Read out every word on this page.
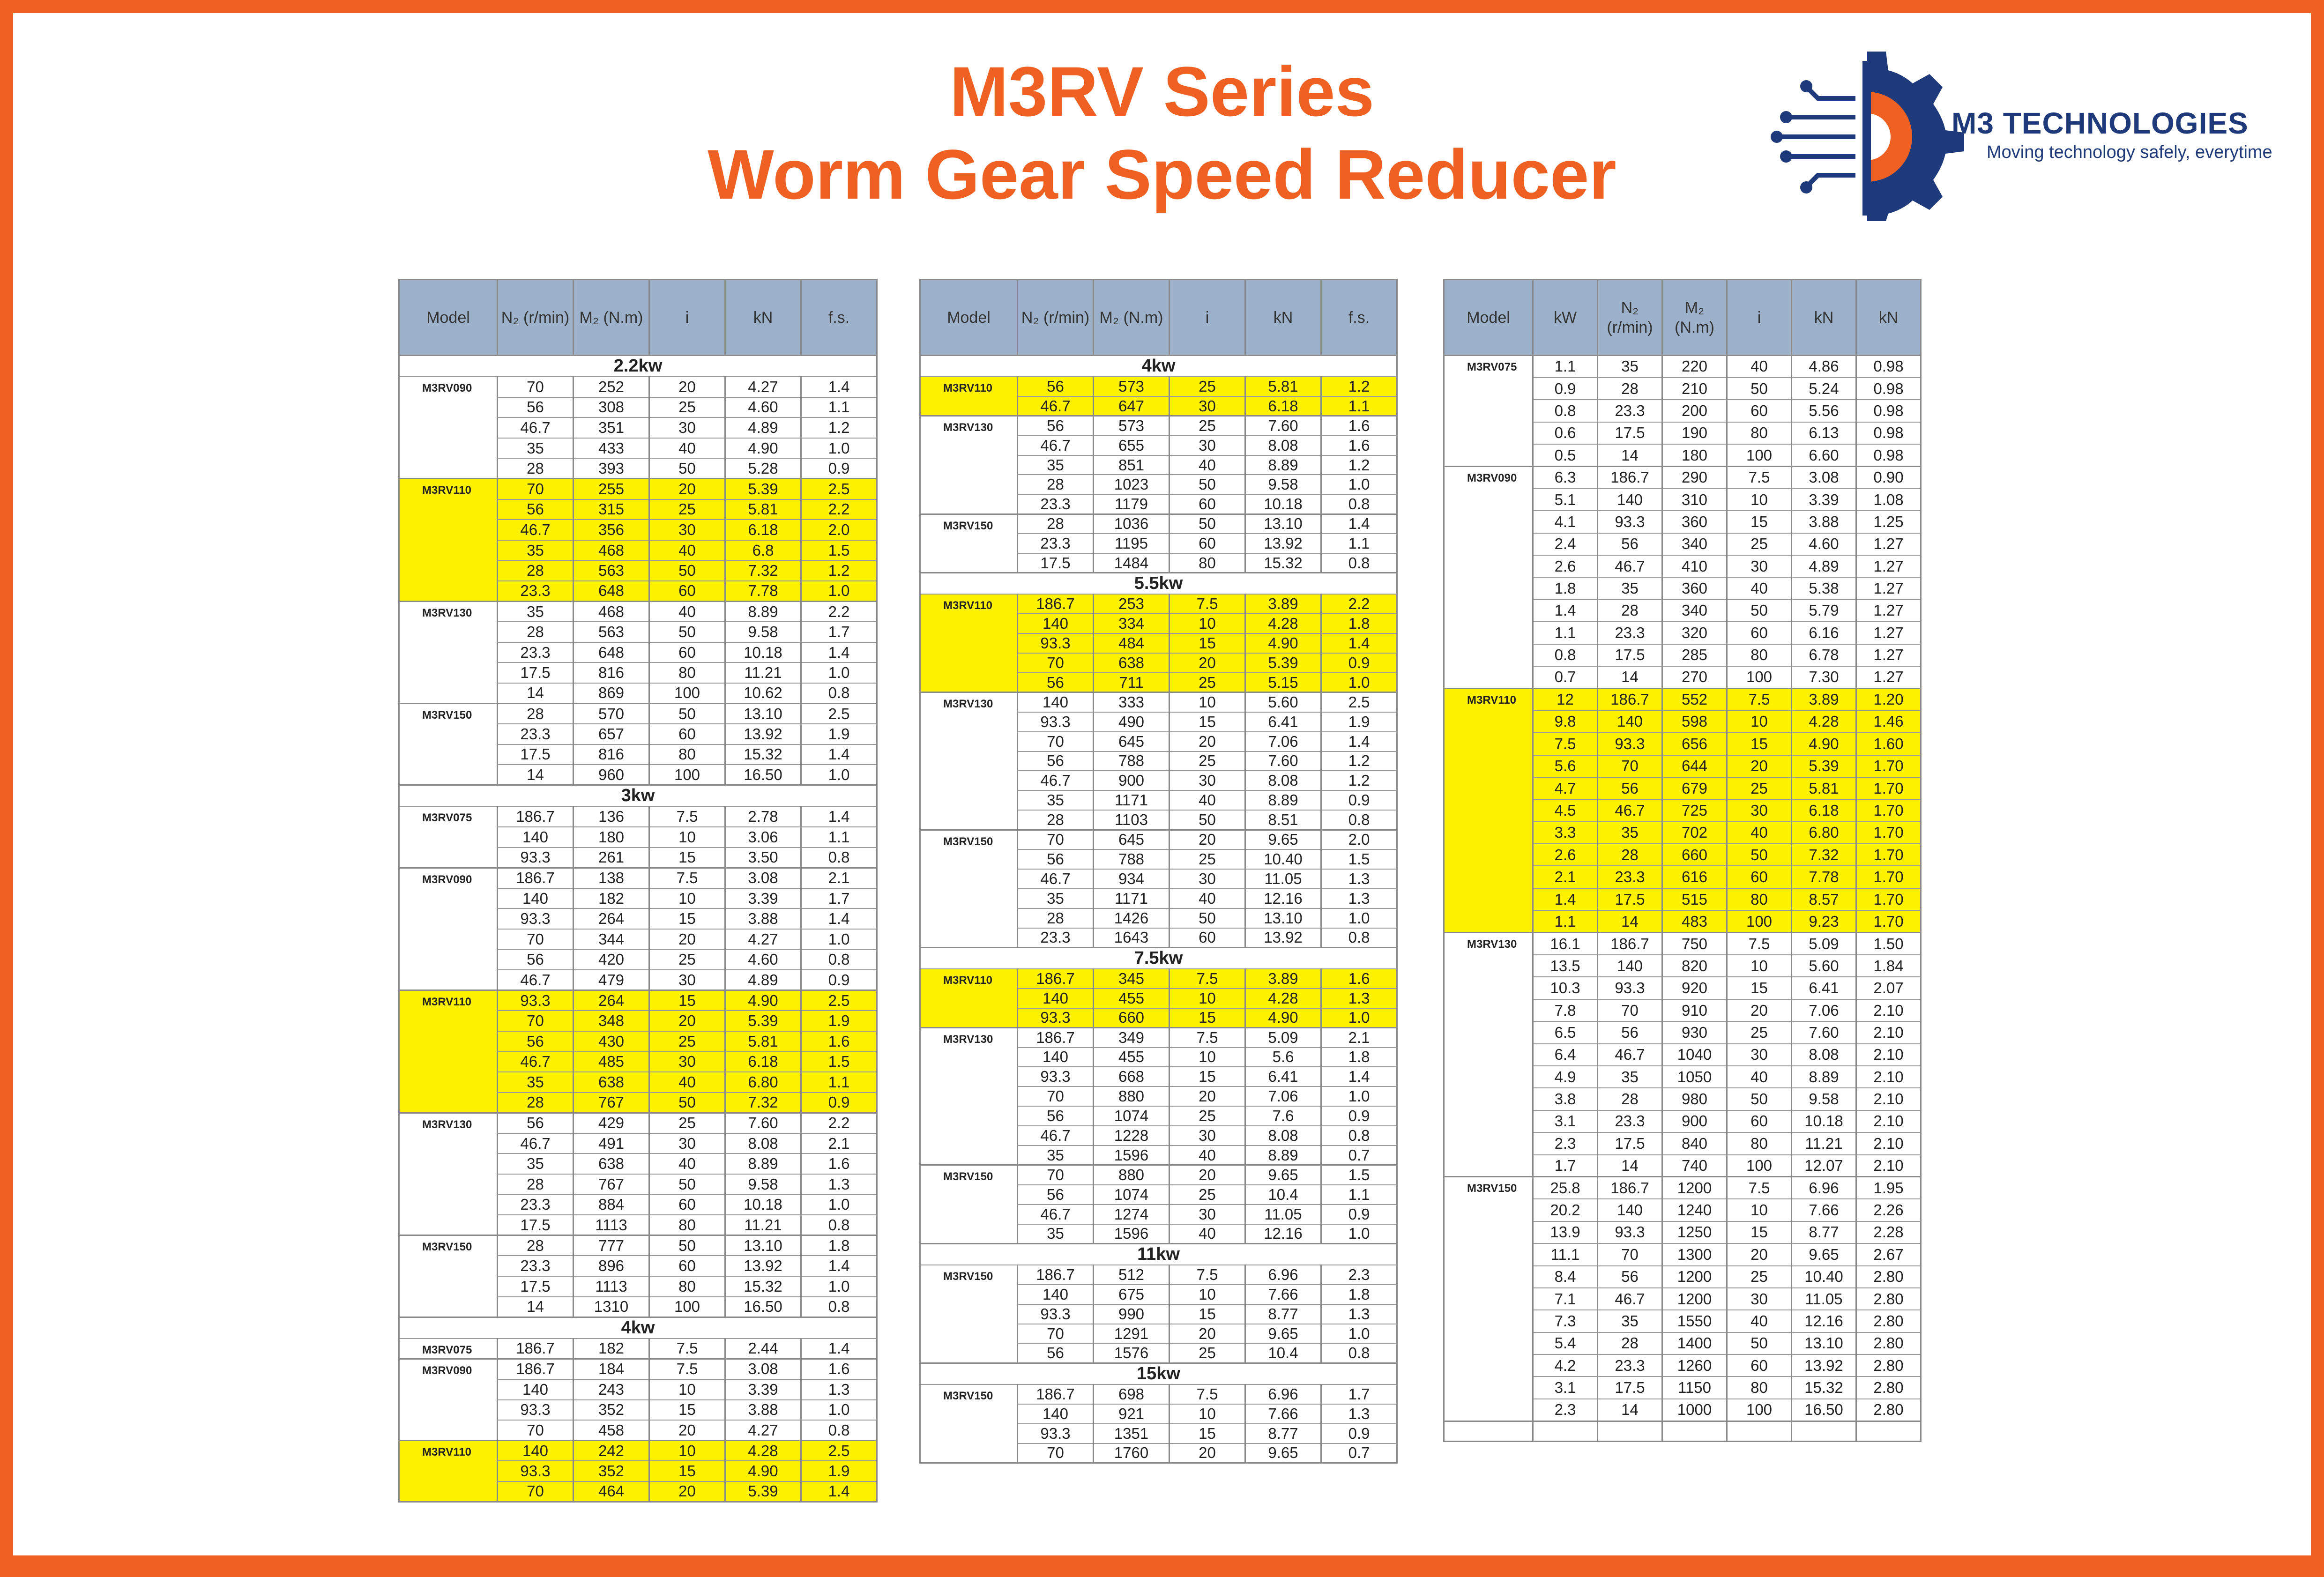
M3RV Series
Worm Gear Speed Reducer
M3 TECHNOLOGIES
Moving technology safely, everytime
Model	N₂ (r/min)	M₂ (N.m)	i	kN	f.s.
2.2kw					
M3RV090	70	252	20	4.27	1.4
	56	308	25	4.60	1.1
	46.7	351	30	4.89	1.2
	35	433	40	4.90	1.0
	28	393	50	5.28	0.9
M3RV110	70	255	20	5.39	2.5
	56	315	25	5.81	2.2
	46.7	356	30	6.18	2.0
	35	468	40	6.8	1.5
	28	563	50	7.32	1.2
	23.3	648	60	7.78	1.0
M3RV130	35	468	40	8.89	2.2
	28	563	50	9.58	1.7
	23.3	648	60	10.18	1.4
	17.5	816	80	11.21	1.0
	14	869	100	10.62	0.8
M3RV150	28	570	50	13.10	2.5
	23.3	657	60	13.92	1.9
	17.5	816	80	15.32	1.4
	14	960	100	16.50	1.0
3kw					
M3RV075	186.7	136	7.5	2.78	1.4
	140	180	10	3.06	1.1
	93.3	261	15	3.50	0.8
M3RV090	186.7	138	7.5	3.08	2.1
	140	182	10	3.39	1.7
	93.3	264	15	3.88	1.4
	70	344	20	4.27	1.0
	56	420	25	4.60	0.8
	46.7	479	30	4.89	0.9
M3RV110	93.3	264	15	4.90	2.5
	70	348	20	5.39	1.9
	56	430	25	5.81	1.6
	46.7	485	30	6.18	1.5
	35	638	40	6.80	1.1
	28	767	50	7.32	0.9
M3RV130	56	429	25	7.60	2.2
	46.7	491	30	8.08	2.1
	35	638	40	8.89	1.6
	28	767	50	9.58	1.3
	23.3	884	60	10.18	1.0
	17.5	1113	80	11.21	0.8
M3RV150	28	777	50	13.10	1.8
	23.3	896	60	13.92	1.4
	17.5	1113	80	15.32	1.0
	14	1310	100	16.50	0.8
4kw					
M3RV075	186.7	182	7.5	2.44	1.4
M3RV090	186.7	184	7.5	3.08	1.6
	140	243	10	3.39	1.3
	93.3	352	15	3.88	1.0
	70	458	20	4.27	0.8
M3RV110	140	242	10	4.28	2.5
	93.3	352	15	4.90	1.9
	70	464	20	5.39	1.4
Model	N₂ (r/min)	M₂ (N.m)	i	kN	f.s.
4kw					
M3RV110	56	573	25	5.81	1.2
	46.7	647	30	6.18	1.1
M3RV130	56	573	25	7.60	1.6
	46.7	655	30	8.08	1.6
	35	851	40	8.89	1.2
	28	1023	50	9.58	1.0
	23.3	1179	60	10.18	0.8
M3RV150	28	1036	50	13.10	1.4
	23.3	1195	60	13.92	1.1
	17.5	1484	80	15.32	0.8
5.5kw					
M3RV110	186.7	253	7.5	3.89	2.2
	140	334	10	4.28	1.8
	93.3	484	15	4.90	1.4
	70	638	20	5.39	0.9
	56	711	25	5.15	1.0
M3RV130	140	333	10	5.60	2.5
	93.3	490	15	6.41	1.9
	70	645	20	7.06	1.4
	56	788	25	7.60	1.2
	46.7	900	30	8.08	1.2
	35	1171	40	8.89	0.9
	28	1103	50	8.51	0.8
M3RV150	70	645	20	9.65	2.0
	56	788	25	10.40	1.5
	46.7	934	30	11.05	1.3
	35	1171	40	12.16	1.3
	28	1426	50	13.10	1.0
	23.3	1643	60	13.92	0.8
7.5kw					
M3RV110	186.7	345	7.5	3.89	1.6
	140	455	10	4.28	1.3
	93.3	660	15	4.90	1.0
M3RV130	186.7	349	7.5	5.09	2.1
	140	455	10	5.6	1.8
	93.3	668	15	6.41	1.4
	70	880	20	7.06	1.0
	56	1074	25	7.6	0.9
	46.7	1228	30	8.08	0.8
	35	1596	40	8.89	0.7
M3RV150	70	880	20	9.65	1.5
	56	1074	25	10.4	1.1
	46.7	1274	30	11.05	0.9
	35	1596	40	12.16	1.0
11kw					
M3RV150	186.7	512	7.5	6.96	2.3
	140	675	10	7.66	1.8
	93.3	990	15	8.77	1.3
	70	1291	20	9.65	1.0
	56	1576	25	10.4	0.8
15kw					
M3RV150	186.7	698	7.5	6.96	1.7
	140	921	10	7.66	1.3
	93.3	1351	15	8.77	0.9
	70	1760	20	9.65	0.7
Model	kW	N₂ (r/min)	M₂ (N.m)	i	kN	kN
M3RV075	1.1	35	220	40	4.86	0.98
	0.9	28	210	50	5.24	0.98
	0.8	23.3	200	60	5.56	0.98
	0.6	17.5	190	80	6.13	0.98
	0.5	14	180	100	6.60	0.98
M3RV090	6.3	186.7	290	7.5	3.08	0.90
	5.1	140	310	10	3.39	1.08
	4.1	93.3	360	15	3.88	1.25
	2.4	56	340	25	4.60	1.27
	2.6	46.7	410	30	4.89	1.27
	1.8	35	360	40	5.38	1.27
	1.4	28	340	50	5.79	1.27
	1.1	23.3	320	60	6.16	1.27
	0.8	17.5	285	80	6.78	1.27
	0.7	14	270	100	7.30	1.27
M3RV110	12	186.7	552	7.5	3.89	1.20
	9.8	140	598	10	4.28	1.46
	7.5	93.3	656	15	4.90	1.60
	5.6	70	644	20	5.39	1.70
	4.7	56	679	25	5.81	1.70
	4.5	46.7	725	30	6.18	1.70
	3.3	35	702	40	6.80	1.70
	2.6	28	660	50	7.32	1.70
	2.1	23.3	616	60	7.78	1.70
	1.4	17.5	515	80	8.57	1.70
	1.1	14	483	100	9.23	1.70
M3RV130	16.1	186.7	750	7.5	5.09	1.50
	13.5	140	820	10	5.60	1.84
	10.3	93.3	920	15	6.41	2.07
	7.8	70	910	20	7.06	2.10
	6.5	56	930	25	7.60	2.10
	6.4	46.7	1040	30	8.08	2.10
	4.9	35	1050	40	8.89	2.10
	3.8	28	980	50	9.58	2.10
	3.1	23.3	900	60	10.18	2.10
	2.3	17.5	840	80	11.21	2.10
	1.7	14	740	100	12.07	2.10
M3RV150	25.8	186.7	1200	7.5	6.96	1.95
	20.2	140	1240	10	7.66	2.26
	13.9	93.3	1250	15	8.77	2.28
	11.1	70	1300	20	9.65	2.67
	8.4	56	1200	25	10.40	2.80
	7.1	46.7	1200	30	11.05	2.80
	7.3	35	1550	40	12.16	2.80
	5.4	28	1400	50	13.10	2.80
	4.2	23.3	1260	60	13.92	2.80
	3.1	17.5	1150	80	15.32	2.80
	2.3	14	1000	100	16.50	2.80
